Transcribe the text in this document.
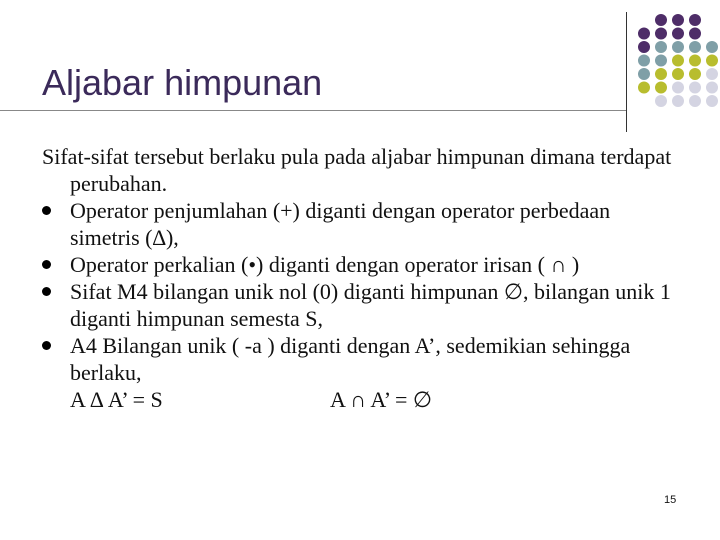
Aljabar himpunan

Sifat-sifat tersebut berlaku pula pada aljabar himpunan dimana terdapat perubahan.

Operator penjumlahan (+) diganti dengan operator perbedaan simetris (∆),

Operator perkalian (•) diganti dengan operator irisan ( ∩ )

Sifat M4 bilangan unik nol (0) diganti himpunan ∅, bilangan unik 1 diganti himpunan semesta S,

A4 Bilangan unik ( -a ) diganti dengan A’, sedemikian sehingga berlaku,

A ∆ A’ = S	A ∩ A’ = ∅

15
